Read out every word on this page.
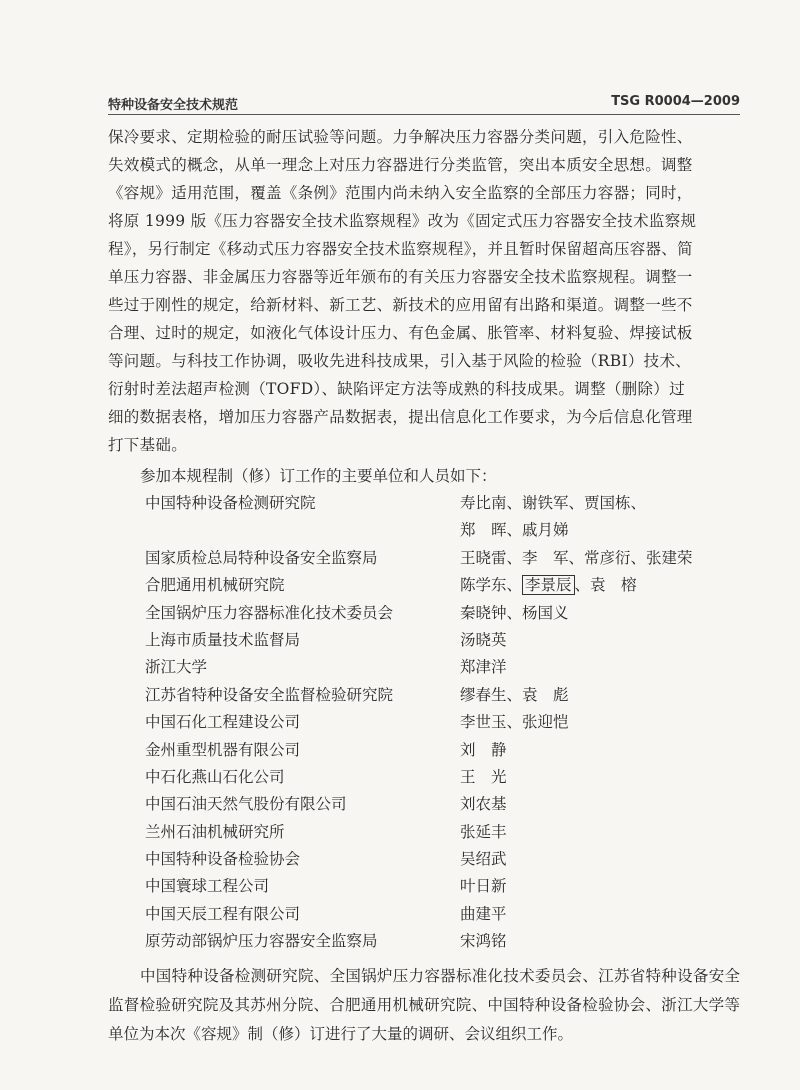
特种设备安全技术规范	TSG R0004—2009

保冷要求、定期检验的耐压试验等问题。力争解决压力容器分类问题，引入危险性、

失效模式的概念，从单一理念上对压力容器进行分类监管，突出本质安全思想。调整

《容规》适用范围，覆盖《条例》范围内尚未纳入安全监察的全部压力容器；同时，

将原 1999 版《压力容器安全技术监察规程》改为《固定式压力容器安全技术监察规

程》，另行制定《移动式压力容器安全技术监察规程》，并且暂时保留超高压容器、简

单压力容器、非金属压力容器等近年颁布的有关压力容器安全技术监察规程。调整一

些过于刚性的规定，给新材料、新工艺、新技术的应用留有出路和渠道。调整一些不

合理、过时的规定，如液化气体设计压力、有色金属、胀管率、材料复验、焊接试板

等问题。与科技工作协调，吸收先进科技成果，引入基于风险的检验（RBI）技术、

衍射时差法超声检测（TOFD）、缺陷评定方法等成熟的科技成果。调整（删除）过

细的数据表格，增加压力容器产品数据表，提出信息化工作要求，为今后信息化管理

打下基础。

参加本规程制（修）订工作的主要单位和人员如下：
中国特种设备检测研究院	寿比南、谢铁军、贾国栋、
郑　晖、戚月娣
国家质检总局特种设备安全监察局	王晓雷、李　军、常彦衍、张建荣
合肥通用机械研究院	陈学东、 李景辰 、袁　榕
全国锅炉压力容器标准化技术委员会	秦晓钟、杨国义
上海市质量技术监督局	汤晓英
浙江大学	郑津洋
江苏省特种设备安全监督检验研究院	缪春生、袁　彪
中国石化工程建设公司	李世玉、张迎恺
金州重型机器有限公司	刘　静
中石化燕山石化公司	王　光
中国石油天然气股份有限公司	刘农基
兰州石油机械研究所	张延丰
中国特种设备检验协会	吴绍武
中国寰球工程公司	叶日新
中国天辰工程有限公司	曲建平
原劳动部锅炉压力容器安全监察局	宋鸿铭

中国特种设备检测研究院、全国锅炉压力容器标准化技术委员会、江苏省特种设备安全监督检验研究院及其苏州分院、合肥通用机械研究院、中国特种设备检验协会、浙江大学等单位为本次《容规》制（修）订进行了大量的调研、会议组织工作。
